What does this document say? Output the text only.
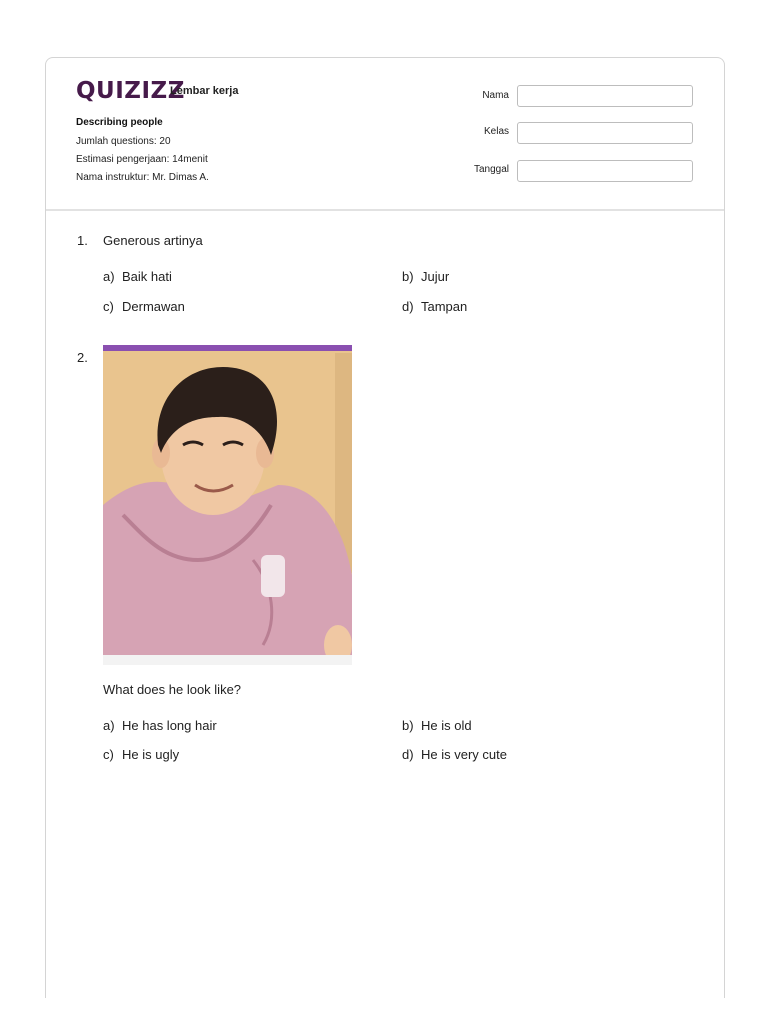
QUIZIZZ
Lembar kerja
Describing people
Jumlah questions: 20
Estimasi pengerjaan: 14menit
Nama instruktur: Mr. Dimas A.
Nama
Kelas
Tanggal
1. Generous artinya
a) Baik hati	b) Jujur
c) Dermawan	d) Tampan
2.
What does he look like?
a) He has long hair	b) He is old
c) He is ugly	d) He is very cute
